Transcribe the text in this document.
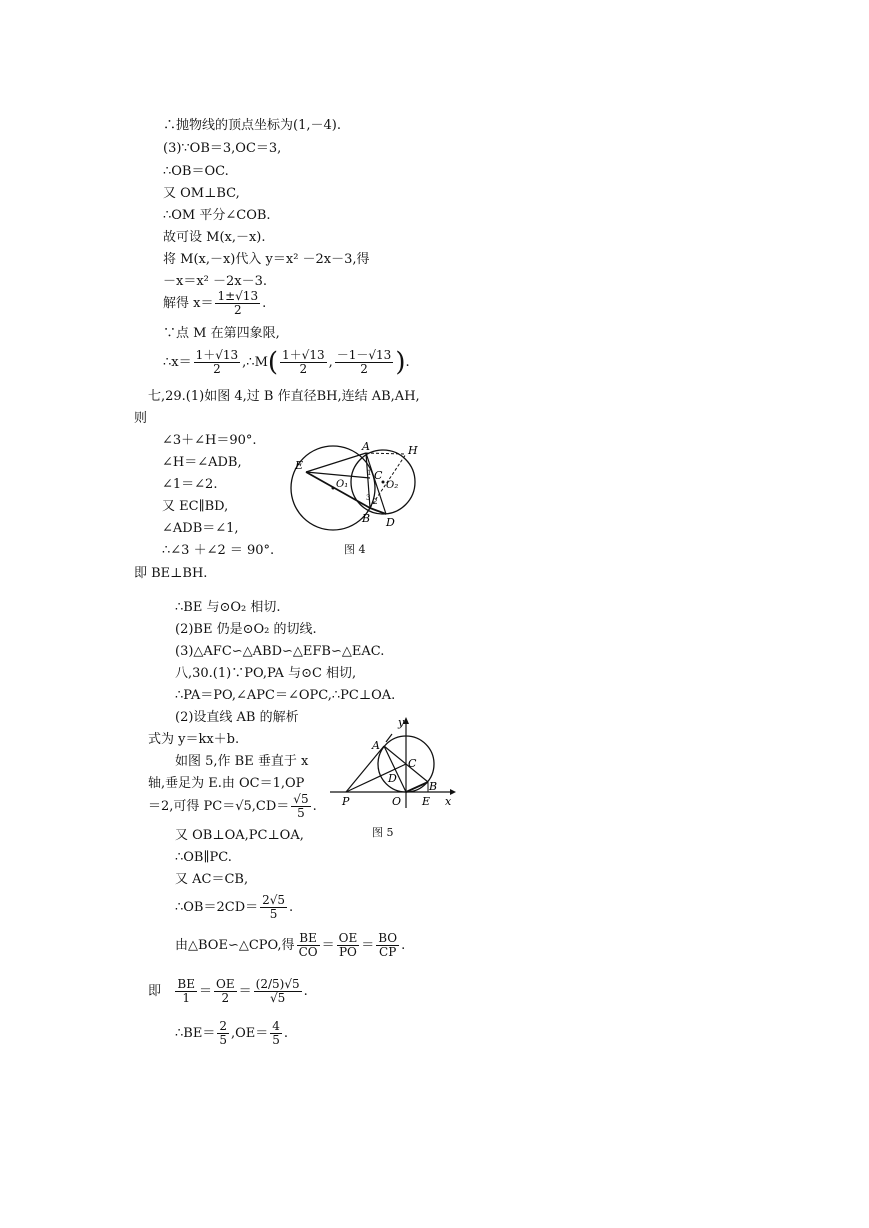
∴抛物线的顶点坐标为(1,－4).
(3)∵OB＝3,OC＝3,
∴OB＝OC.
又 OM⊥BC,
∴OM 平分∠COB.
故可设 M(x,－x).
将 M(x,－x)代入 y＝x² －2x－3,得
－x＝x² －2x－3.
解得 $x= \frac{1\pm√13}{2}$ .
∵点 M 在第四象限,
∴x＝ $\frac{1+√13}{2}$ ,∴M( $\frac{1+√13}{2}$ , $\frac{-1-√13}{2}$ ).
七,29.(1)如图 4,过 B 作直径BH,连结 AB,AH,
则
∠3＋∠H＝90°.
∠H＝∠ADB,
∠1＝∠2.
又 EC∥BD,
∠ADB＝∠1,
∴∠3 ＋∠2 ＝ 90°.
即 BE⊥BH.
A	H
E
O₁
C
O₂
B D
1
2
3
图 4
∴BE 与⊙O₂ 相切.
(2)BE 仍是⊙O₂ 的切线.
(3)△AFC∽△ABD∽△EFB∽△EAC.
八,30.(1)∵PO,PA 与⊙C 相切,
∴PA＝PO,∠APC＝∠OPC,∴PC⊥OA.
(2)设直线 AB 的解析
式为 y＝kx＋b.
如图 5,作 BE 垂直于 x
轴,垂足为 E.由 OC＝1,OP
＝2,可得 $PC=√5,CD= \frac{√5}{5}$ .
y
A
C
D
B
P	O E x
图 5
又 OB⊥OA,PC⊥OA,
∴OB∥PC.
又 AC＝CB,
∴OB＝2CD＝ $\frac{2√5}{5}$ .
由△BOE∽△CPO,得 $\frac{BE}{CO} = \frac{OE}{PO} = \frac{BO}{CP}$ .
即 $\frac{BE}{1} = \frac{OE}{2} = \frac{(2/5)√5}{√5}$ .
∴BE＝ $\frac{2}{5} ,OE= \frac{4}{5}$ .
